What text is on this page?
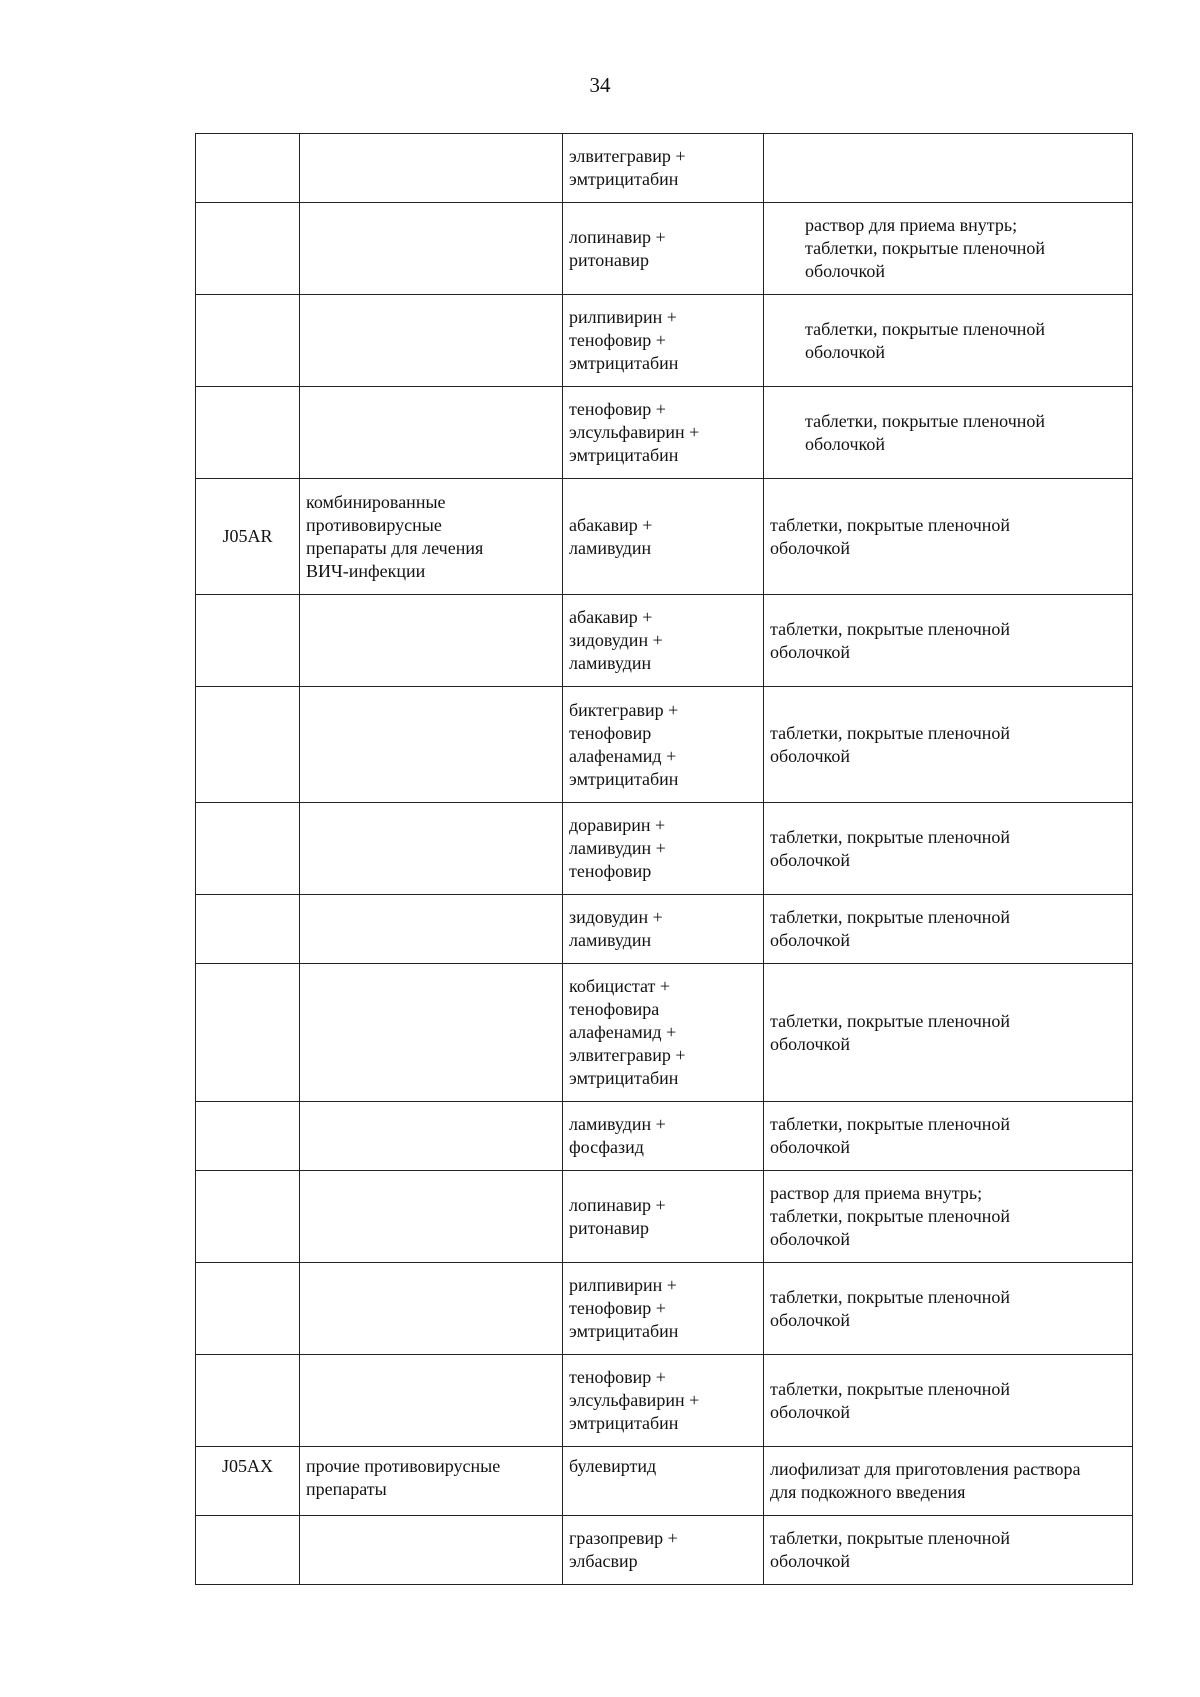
34
		элвитегравир +
эмтрицитабин	
		лопинавир +
ритонавир	раствор для приема внутрь;
таблетки, покрытые пленочной
оболочкой
		рилпивирин +
тенофовир +
эмтрицитабин	таблетки, покрытые пленочной
оболочкой
		тенофовир +
элсульфавирин +
эмтрицитабин	таблетки, покрытые пленочной
оболочкой
J05AR	комбинированные
противовирусные
препараты для лечения
ВИЧ-инфекции	абакавир +
ламивудин	таблетки, покрытые пленочной
оболочкой
		абакавир +
зидовудин +
ламивудин	таблетки, покрытые пленочной
оболочкой
		биктегравир +
тенофовир
алафенамид +
эмтрицитабин	таблетки, покрытые пленочной
оболочкой
		доравирин +
ламивудин +
тенофовир	таблетки, покрытые пленочной
оболочкой
		зидовудин +
ламивудин	таблетки, покрытые пленочной
оболочкой
		кобицистат +
тенофовира
алафенамид +
элвитегравир +
эмтрицитабин	таблетки, покрытые пленочной
оболочкой
		ламивудин +
фосфазид	таблетки, покрытые пленочной
оболочкой
		лопинавир +
ритонавир	раствор для приема внутрь;
таблетки, покрытые пленочной
оболочкой
		рилпивирин +
тенофовир +
эмтрицитабин	таблетки, покрытые пленочной
оболочкой
		тенофовир +
элсульфавирин +
эмтрицитабин	таблетки, покрытые пленочной
оболочкой
J05AX	прочие противовирусные
препараты	булевиртид	лиофилизат для приготовления раствора
для подкожного введения
		гразопревир +
элбасвир	таблетки, покрытые пленочной
оболочкой
